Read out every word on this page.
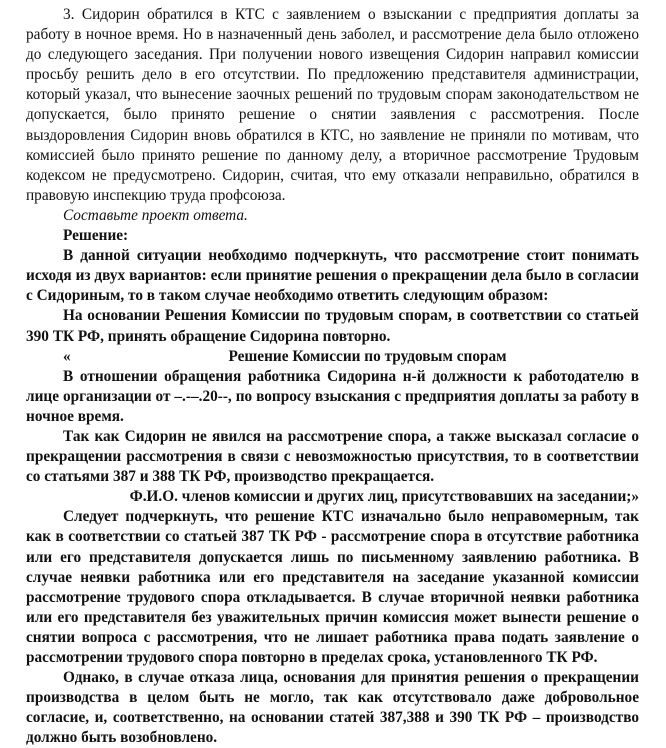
3. Сидорин обратился в КТС с заявлением о взыскании с предприятия доплаты за работу в ночное время. Но в назначенный день заболел, и рассмотрение дела было отложено до следующего заседания. При получении нового извещения Сидорин направил комиссии просьбу решить дело в его отсутствии. По предложению представителя администрации, который указал, что вынесение заочных решений по трудовым спорам законодательством не допускается, было принято решение о снятии заявления с рассмотрения. После выздоровления Сидорин вновь обратился в КТС, но заявление не приняли по мотивам, что комиссией было принято решение по данному делу, а вторичное рассмотрение Трудовым кодексом не предусмотрено. Сидорин, считая, что ему отказали неправильно, обратился в правовую инспекцию труда профсоюза.

Составьте проект ответа.

Решение:

В данной ситуации необходимо подчеркнуть, что рассмотрение стоит понимать исходя из двух вариантов: если принятие решения о прекращении дела было в согласии с Сидориным, то в таком случае необходимо ответить следующим образом:

На основании Решения Комиссии по трудовым спорам, в соответствии со статьей 390 ТК РФ, принять обращение Сидорина повторно.

«	Решение Комиссии по трудовым спорам

В отношении обращения работника Сидорина н-й должности к работодателю в лице организации от –.-–.20--, по вопросу взыскания с предприятия доплаты за работу в ночное время.

Так как Сидорин не явился на рассмотрение спора, а также высказал согласие о прекращении рассмотрения в связи с невозможностью присутствия, то в соответствии со статьями 387 и 388 ТК РФ, производство прекращается.

Ф.И.О. членов комиссии и других лиц, присутствовавших на заседании;»

Следует подчеркнуть, что решение КТС изначально было неправомерным, так как в соответствии со статьей 387 ТК РФ - рассмотрение спора в отсутствие работника или его представителя допускается лишь по письменному заявлению работника. В случае неявки работника или его представителя на заседание указанной комиссии рассмотрение трудового спора откладывается. В случае вторичной неявки работника или его представителя без уважительных причин комиссия может вынести решение о снятии вопроса с рассмотрения, что не лишает работника права подать заявление о рассмотрении трудового спора повторно в пределах срока, установленного ТК РФ.

Однако, в случае отказа лица, основания для принятия решения о прекращении производства в целом быть не могло, так как отсутствовало даже добровольное согласие, и, соответственно, на основании статей 387,388 и 390 ТК РФ – производство должно быть возобновлено.
